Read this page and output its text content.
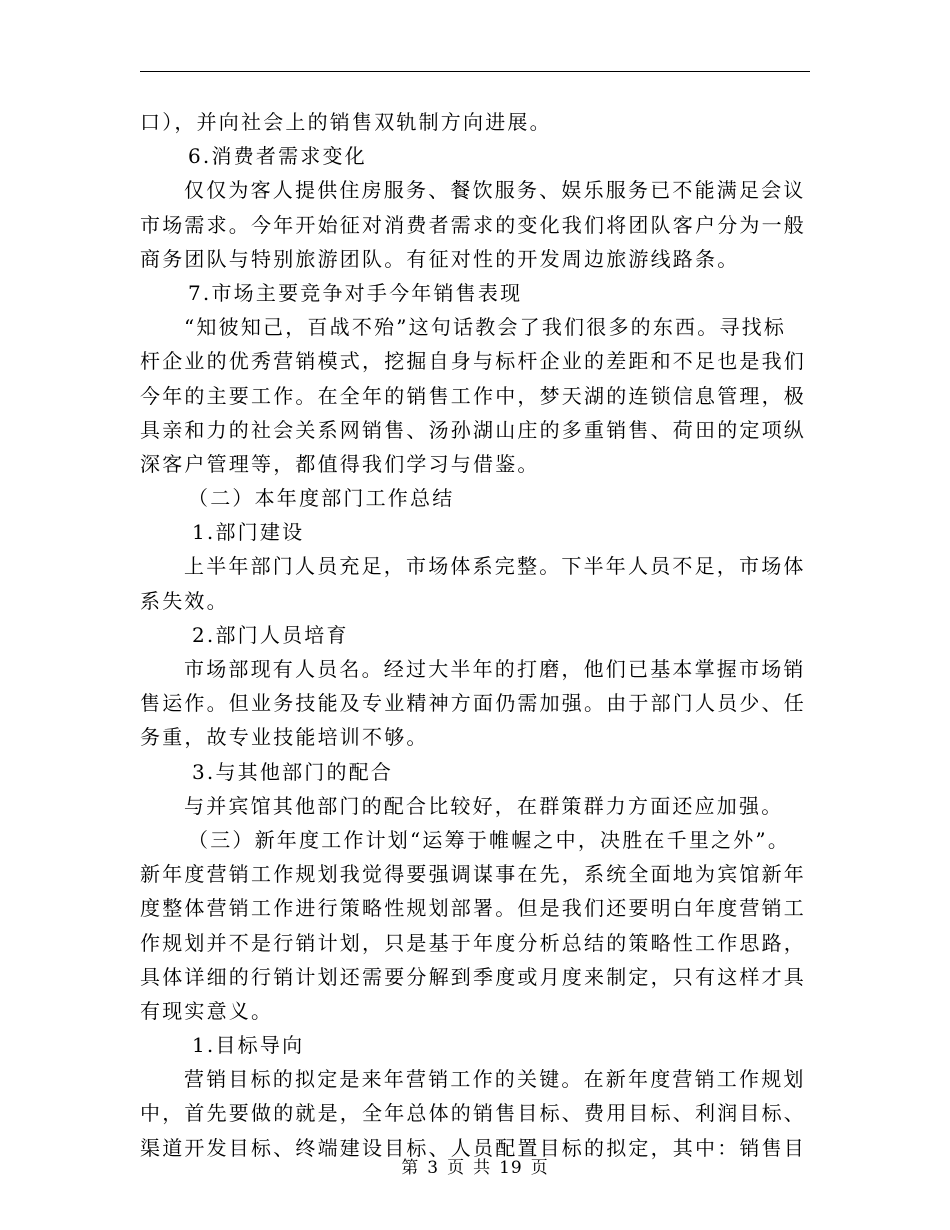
口），并向社会上的销售双轨制方向进展。
6.消费者需求变化
仅仅为客人提供住房服务、餐饮服务、娱乐服务已不能满足会议
市场需求。今年开始征对消费者需求的变化我们将团队客户分为一般
商务团队与特别旅游团队。有征对性的开发周边旅游线路条。
7.市场主要竞争对手今年销售表现
“知彼知己，百战不殆”这句话教会了我们很多的东西。寻找标
杆企业的优秀营销模式，挖掘自身与标杆企业的差距和不足也是我们
今年的主要工作。在全年的销售工作中，梦天湖的连锁信息管理，极
具亲和力的社会关系网销售、汤孙湖山庄的多重销售、荷田的定项纵
深客户管理等，都值得我们学习与借鉴。
（二）本年度部门工作总结
1.部门建设
上半年部门人员充足，市场体系完整。下半年人员不足，市场体
系失效。
2.部门人员培育
市场部现有人员名。经过大半年的打磨，他们已基本掌握市场销
售运作。但业务技能及专业精神方面仍需加强。由于部门人员少、任
务重，故专业技能培训不够。
3.与其他部门的配合
与并宾馆其他部门的配合比较好，在群策群力方面还应加强。
（三）新年度工作计划“运筹于帷幄之中，决胜在千里之外”。
新年度营销工作规划我觉得要强调谋事在先，系统全面地为宾馆新年
度整体营销工作进行策略性规划部署。但是我们还要明白年度营销工
作规划并不是行销计划，只是基于年度分析总结的策略性工作思路，
具体详细的行销计划还需要分解到季度或月度来制定，只有这样才具
有现实意义。
1.目标导向
营销目标的拟定是来年营销工作的关键。在新年度营销工作规划
中，首先要做的就是，全年总体的销售目标、费用目标、利润目标、
渠道开发目标、终端建设目标、人员配置目标的拟定，其中：销售目
第 3 页 共 19 页
